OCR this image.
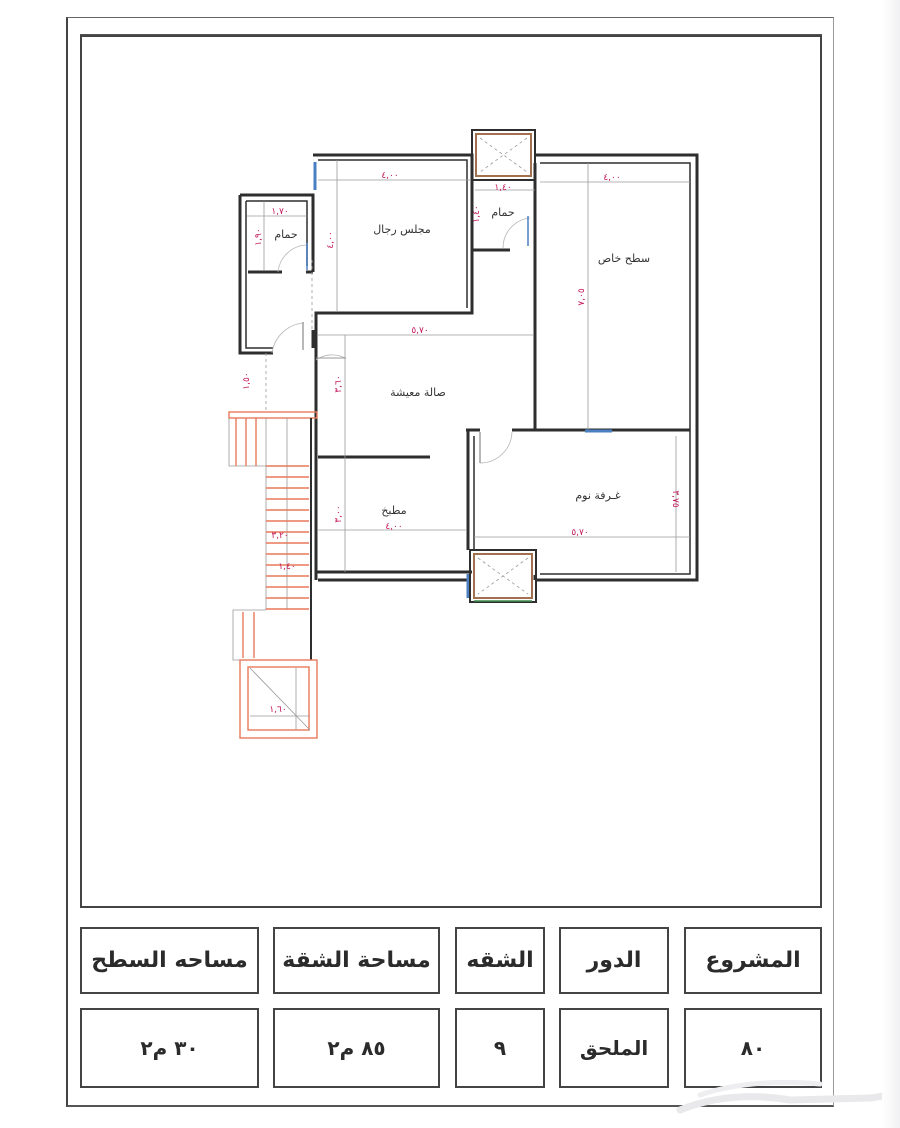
مجلس رجال
حمام
حمام
سطح خاص
صالة معيشة
مطبخ
غـرفة نوم
٤,٠٠
٤,٠٠
١,٧٠
١,٩٠
١,٤٠
١,٤٠
٤,٠٠
٧,٠٥
٥,٧٠
٣,٦٠
١,٥٠
٤,٠٠
٣,٠٠
٥,٧٠
٣,٧٥
٣,٢٠
١,٤٠
١,٦٠
المشروع
الدور
الشقه
مساحة الشقة
مساحه السطح
٨٠
الملحق
٩
٨٥ م٢
٣٠ م٢
